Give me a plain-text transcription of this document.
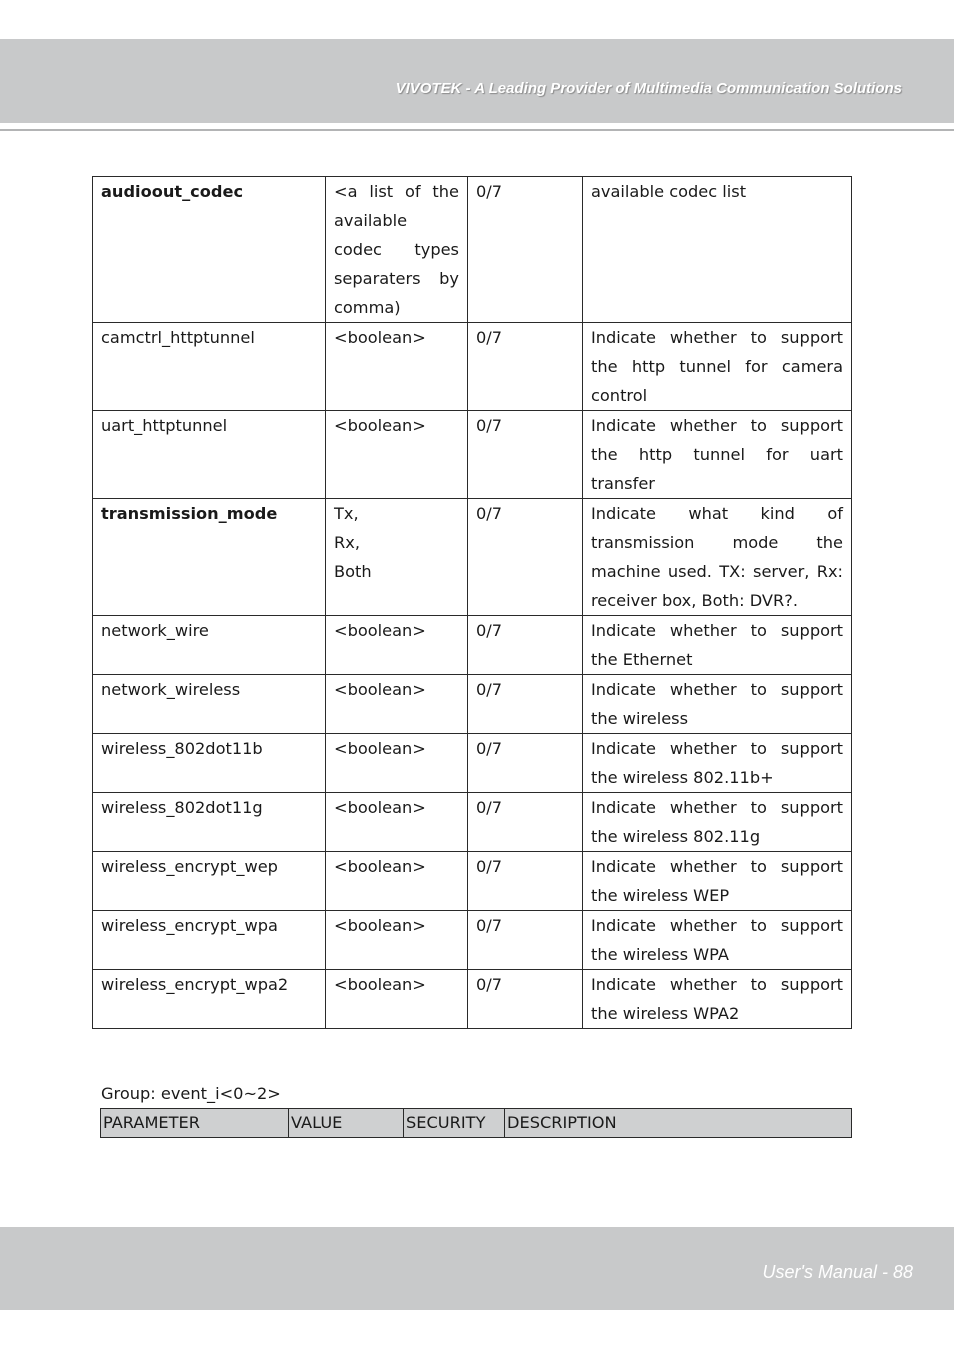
VIVOTEK - A Leading Provider of Multimedia Communication Solutions
audioout_codec	<a list of the available codec types separaters by comma)	0/7	available codec list
camctrl_httptunnel	<boolean>	0/7	Indicate whether to support the http tunnel for camera control
uart_httptunnel	<boolean>	0/7	Indicate whether to support the http tunnel for uart transfer
transmission_mode	Tx,
Rx,
Both	0/7	Indicate what kind of transmission mode the machine used. TX: server, Rx: receiver box, Both: DVR?.
network_wire	<boolean>	0/7	Indicate whether to support the Ethernet
network_wireless	<boolean>	0/7	Indicate whether to support the wireless
wireless_802dot11b	<boolean>	0/7	Indicate whether to support the wireless 802.11b+
wireless_802dot11g	<boolean>	0/7	Indicate whether to support the wireless 802.11g
wireless_encrypt_wep	<boolean>	0/7	Indicate whether to support the wireless WEP
wireless_encrypt_wpa	<boolean>	0/7	Indicate whether to support the wireless WPA
wireless_encrypt_wpa2	<boolean>	0/7	Indicate whether to support the wireless WPA2
Group: event_i<0~2>
PARAMETER	VALUE	SECURITY	DESCRIPTION
User's Manual - 88
